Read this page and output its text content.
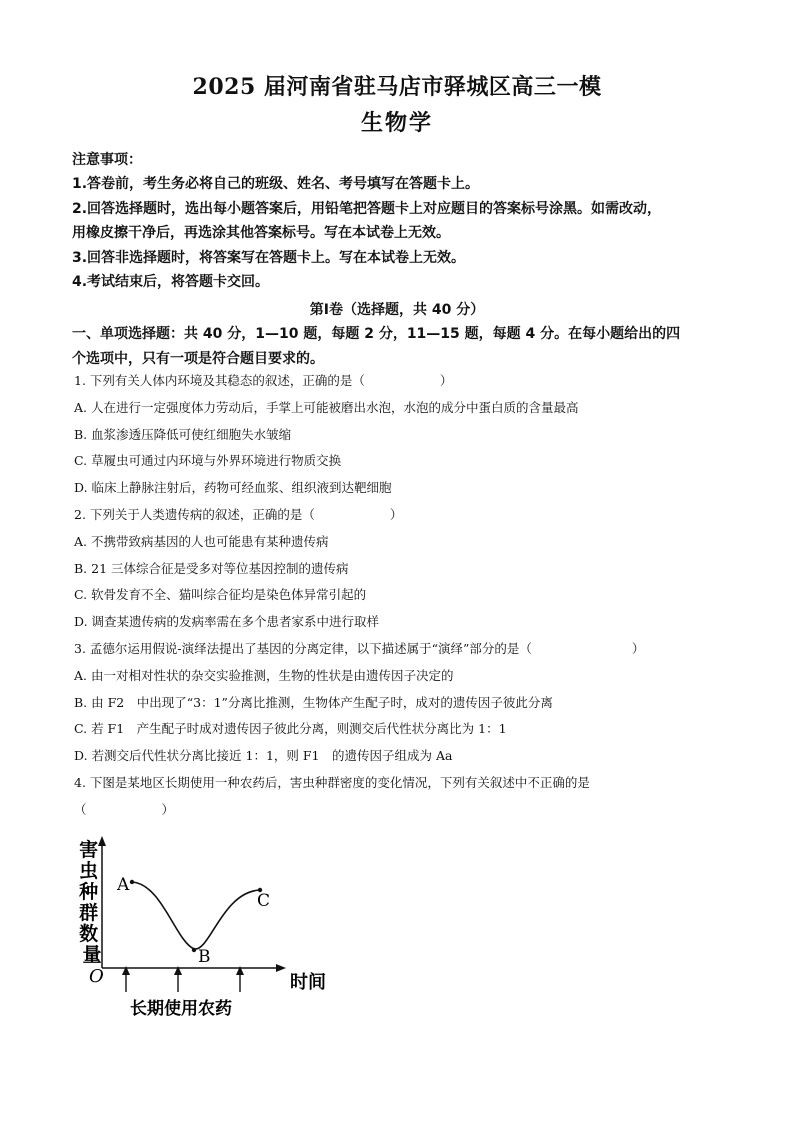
2025 届河南省驻马店市驿城区高三一模
生物学
注意事项：
1.答卷前，考生务必将自己的班级、姓名、考号填写在答题卡上。
2.回答选择题时，选出每小题答案后，用铅笔把答题卡上对应题目的答案标号涂黑。如需改动，
用橡皮擦干净后，再选涂其他答案标号。写在本试卷上无效。
3.回答非选择题时，将答案写在答题卡上。写在本试卷上无效。
4.考试结束后，将答题卡交回。
第Ⅰ卷（选择题，共 40 分）
一、单项选择题：共 40 分，1—10 题，每题 2 分，11—15 题，每题 4 分。在每小题给出的四
个选项中，只有一项是符合题目要求的。
1. 下列有关人体内环境及其稳态的叙述，正确的是（　　　　　　）
A. 人在进行一定强度体力劳动后，手掌上可能被磨出水泡，水泡的成分中蛋白质的含量最高
B. 血浆渗透压降低可使红细胞失水皱缩
C. 草履虫可通过内环境与外界环境进行物质交换
D. 临床上静脉注射后，药物可经血浆、组织液到达靶细胞
2. 下列关于人类遗传病的叙述，正确的是（　　　　　　）
A. 不携带致病基因的人也可能患有某种遗传病
B. 21 三体综合征是受多对等位基因控制的遗传病
C. 软骨发育不全、猫叫综合征均是染色体异常引起的
D. 调查某遗传病的发病率需在多个患者家系中进行取样
3. 孟德尔运用假说-演绎法提出了基因的分离定律，以下描述属于“演绎”部分的是（　　　　　　　　）
A. 由一对相对性状的杂交实验推测，生物的性状是由遗传因子决定的
B. 由 F2　中出现了“3：1”分离比推测，生物体产生配子时，成对的遗传因子彼此分离
C. 若 F1　产生配子时成对遗传因子彼此分离，则测交后代性状分离比为 1：1
D. 若测交后代性状分离比接近 1：1，则 F1　的遗传因子组成为 Aa
4. 下图是某地区长期使用一种农药后，害虫种群密度的变化情况，下列有关叙述中不正确的是
（　　　　　　）
害 虫 种 群 数 量
O	时间
A
B
C
长期使用农药
